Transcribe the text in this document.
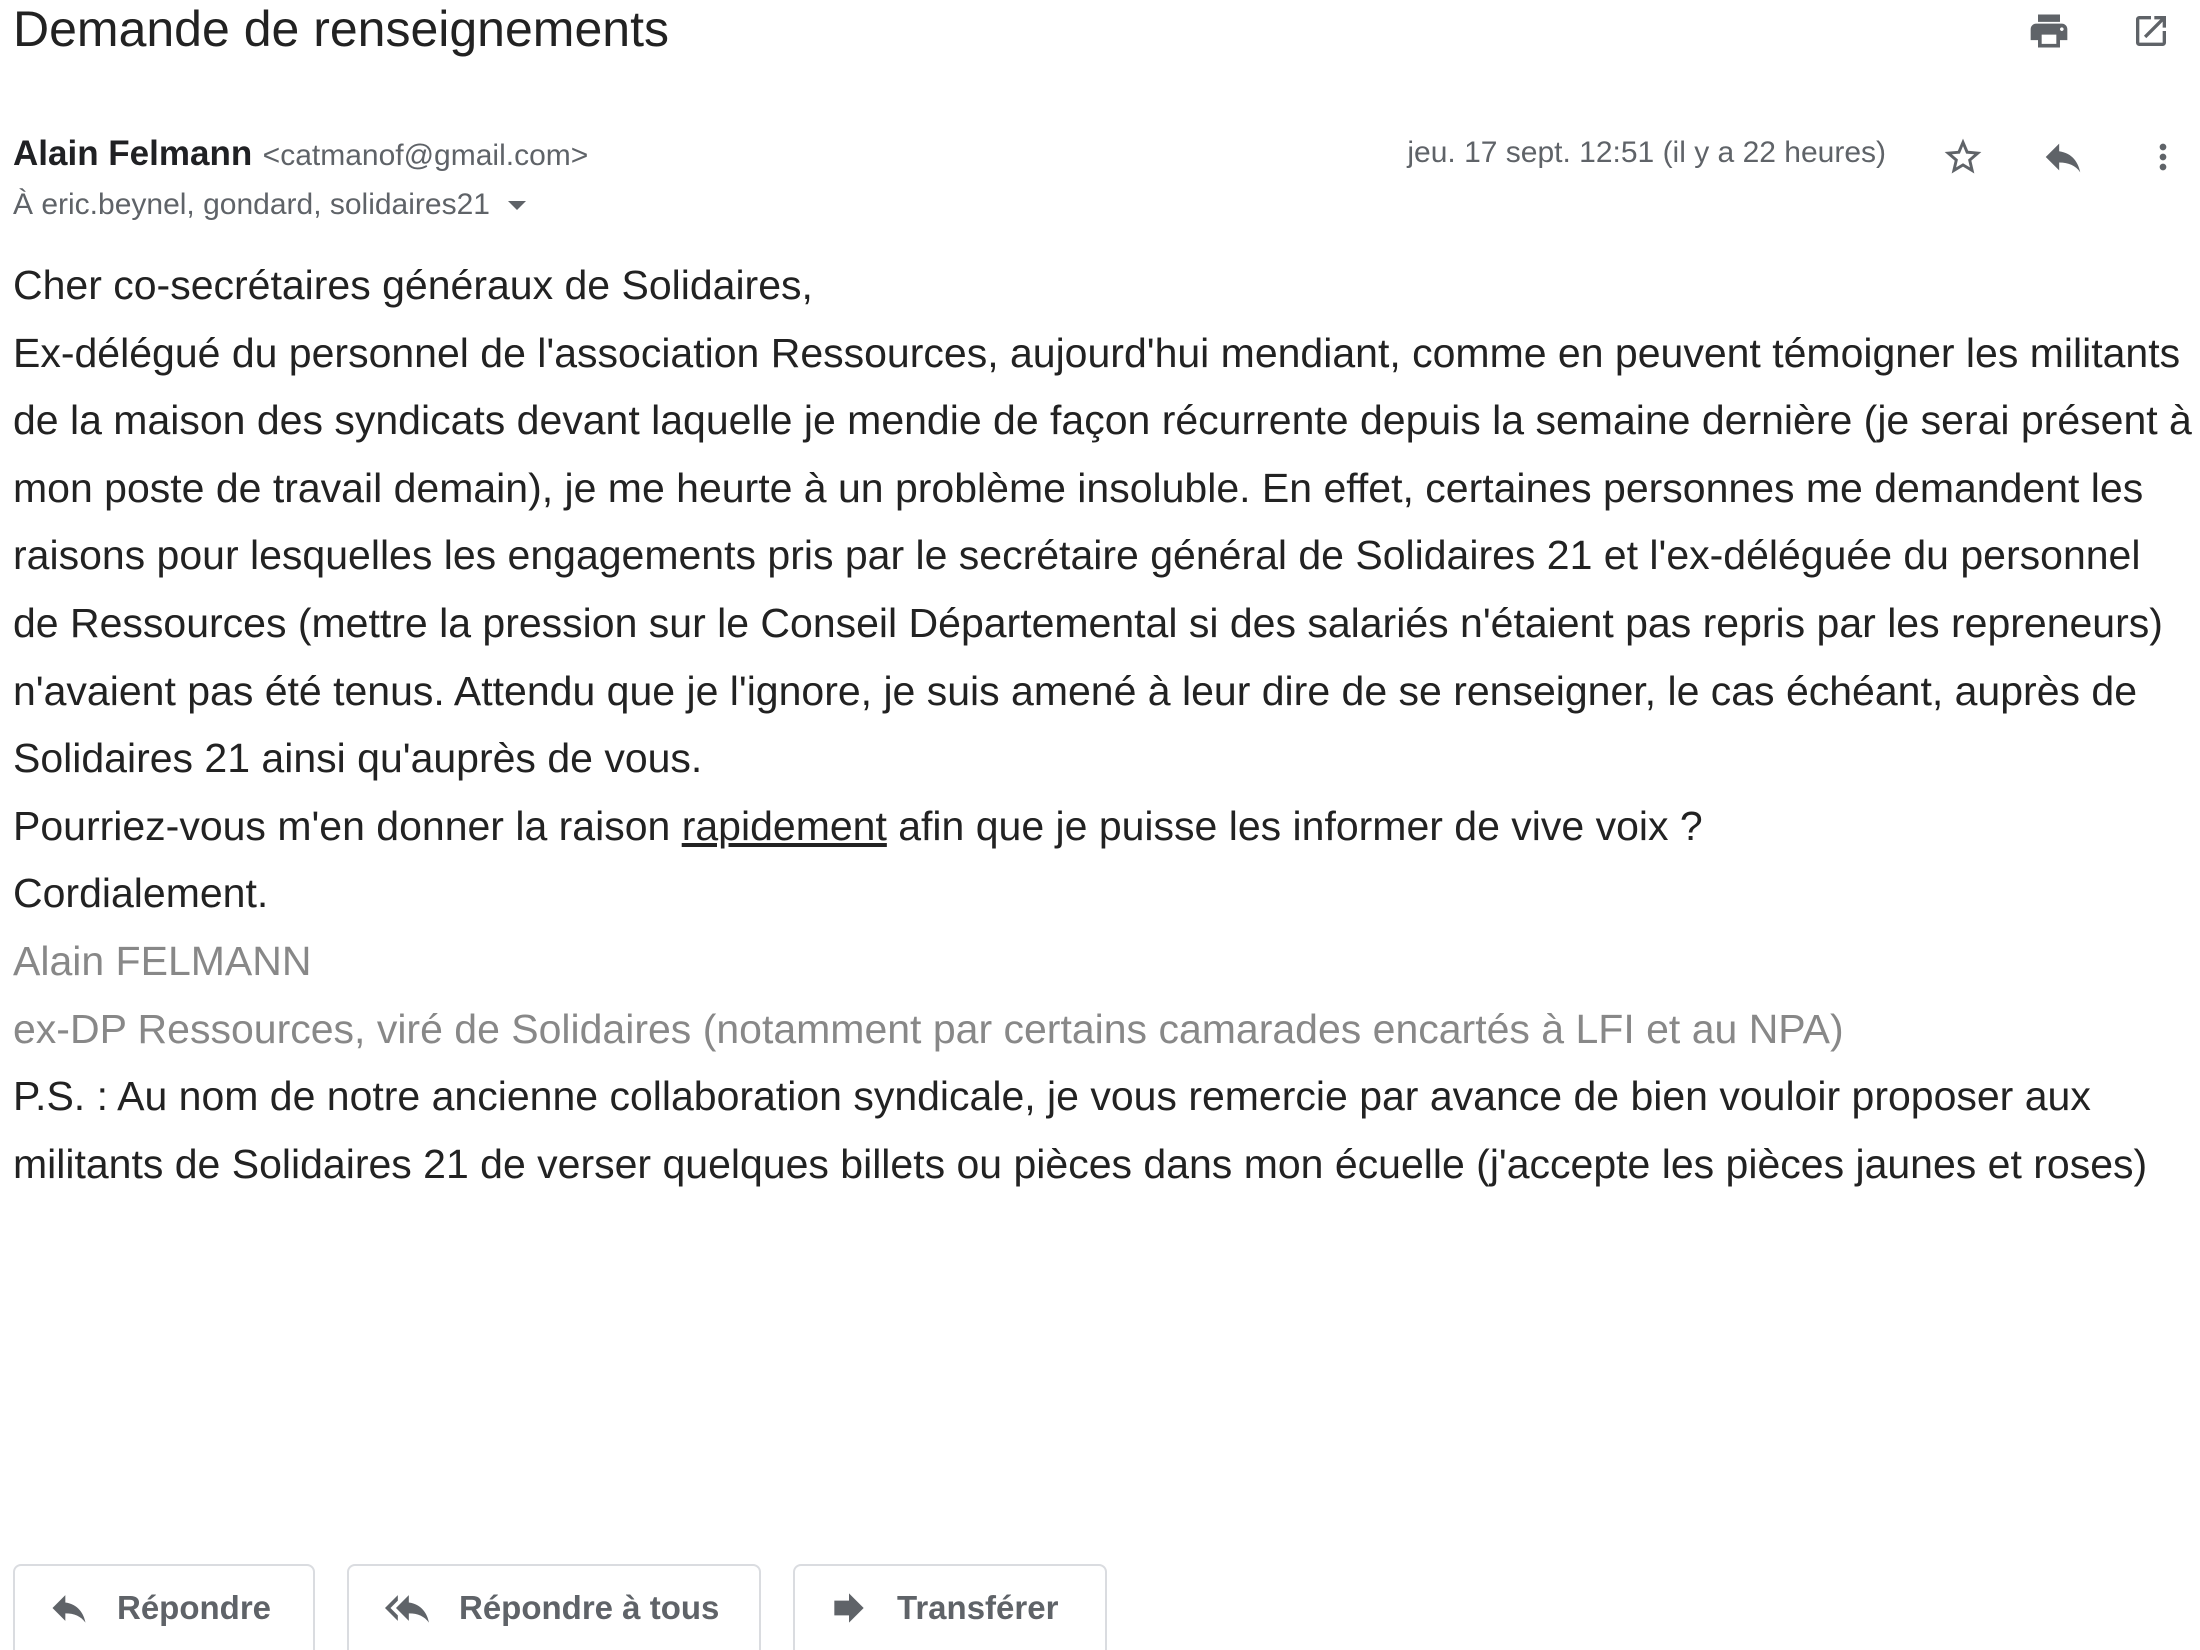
Demande de renseignements
Alain Felmann <catmanof@gmail.com>
À eric.beynel, gondard, solidaires21
jeu. 17 sept. 12:51 (il y a 22 heures)

Cher co-secrétaires généraux de Solidaires,

Ex-délégué du personnel de l'association Ressources, aujourd'hui mendiant, comme en peuvent témoigner les militants de la maison des syndicats devant laquelle je mendie de façon récurrente depuis la semaine dernière (je serai présent à mon poste de travail demain), je me heurte à un problème insoluble. En effet, certaines personnes me demandent les raisons pour lesquelles les engagements pris par le secrétaire général de Solidaires 21 et l'ex-déléguée du personnel de Ressources (mettre la pression sur le Conseil Départemental si des salariés n'étaient pas repris par les repreneurs) n'avaient pas été tenus. Attendu que je l'ignore, je suis amené à leur dire de se renseigner, le cas échéant, auprès de Solidaires 21 ainsi qu'auprès de vous.

Pourriez-vous m'en donner la raison rapidement afin que je puisse les informer de vive voix ?

Cordialement.

Alain FELMANN

ex-DP Ressources, viré de Solidaires (notamment par certains camarades encartés à LFI et au NPA)

P.S. : Au nom de notre ancienne collaboration syndicale, je vous remercie par avance de bien vouloir proposer aux militants de Solidaires 21 de verser quelques billets ou pièces dans mon écuelle (j'accepte les pièces jaunes et roses)

Répondre	Répondre à tous	Transférer
